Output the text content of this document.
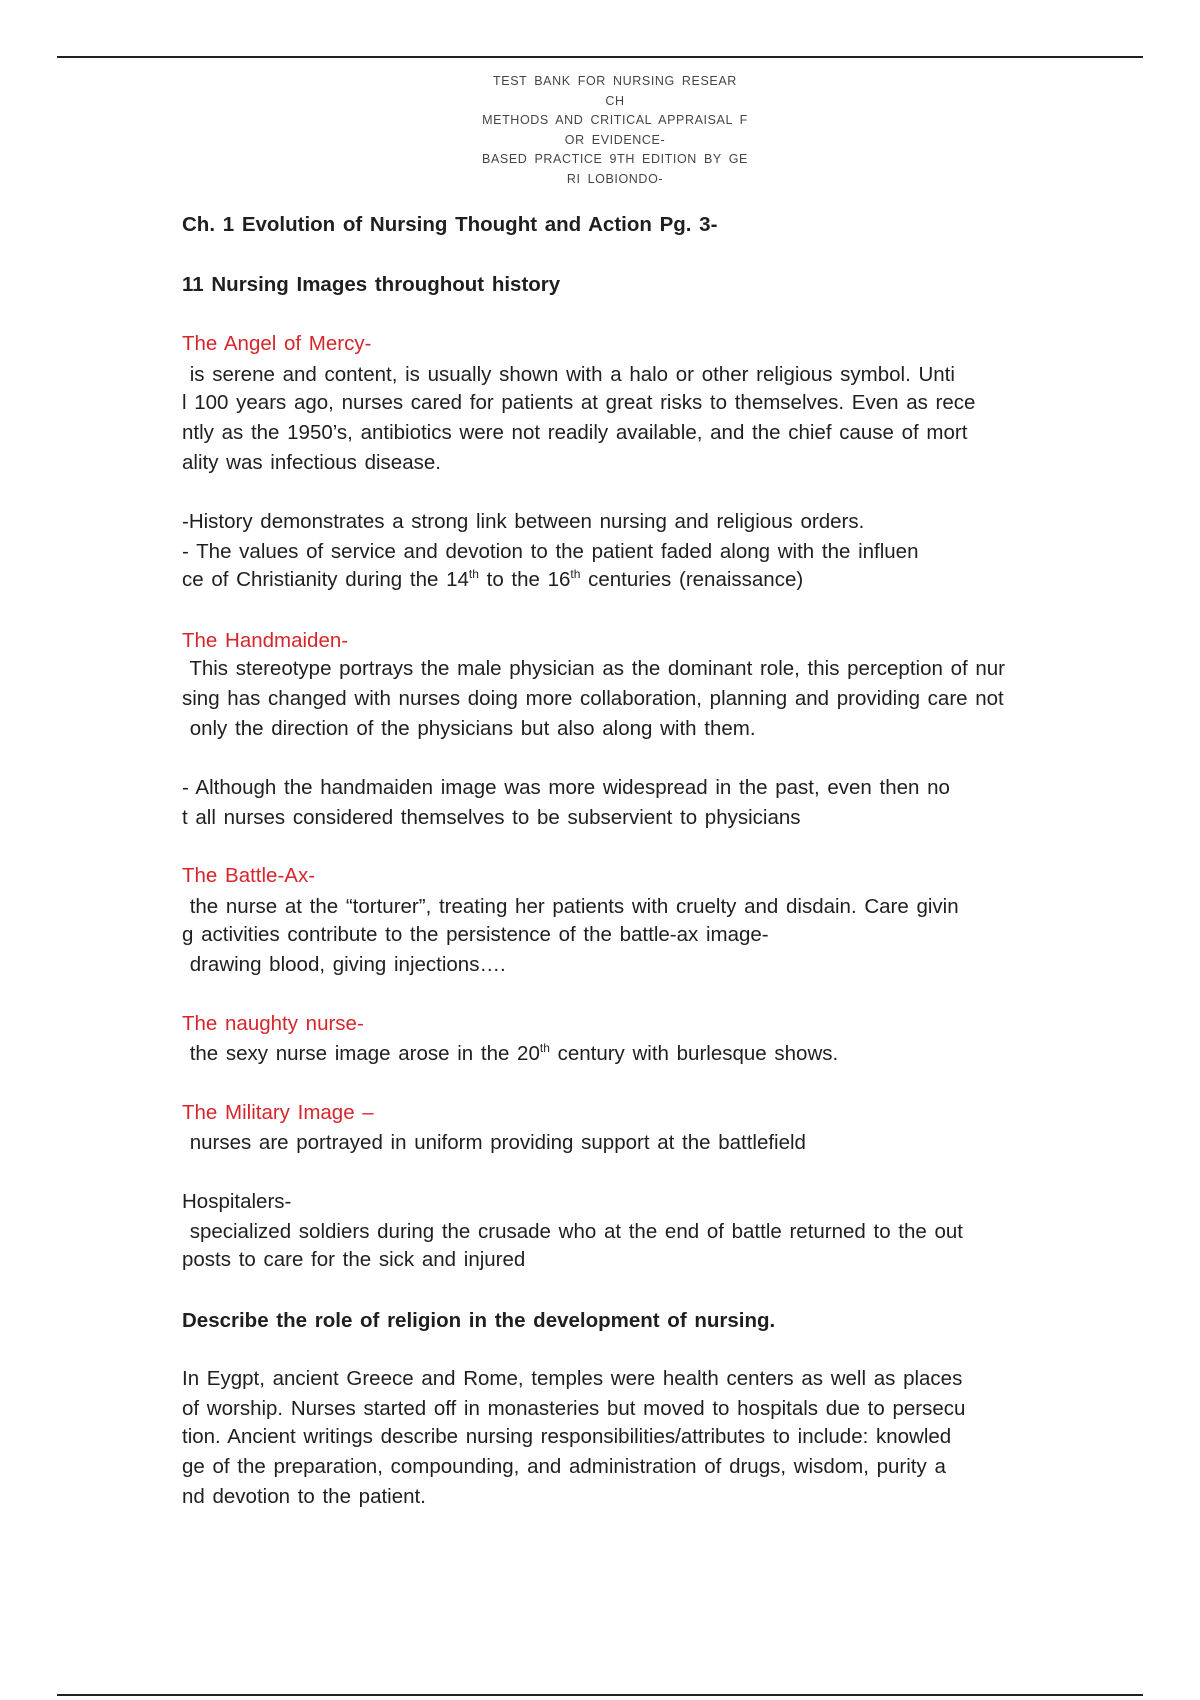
TEST BANK FOR NURSING RESEAR
CH
METHODS AND CRITICAL APPRAISAL F
OR EVIDENCE-
BASED PRACTICE 9TH EDITION BY GE
RI LOBIONDO-
Ch. 1 Evolution of Nursing Thought and Action Pg. 3-
11 Nursing Images throughout history
The Angel of Mercy-
is serene and content, is usually shown with a halo or other religious symbol. Unti
l 100 years ago, nurses cared for patients at great risks to themselves. Even as rece
ntly as the 1950’s, antibiotics were not readily available, and the chief cause of mort
ality was infectious disease.
-History demonstrates a strong link between nursing and religious orders.
- The values of service and devotion to the patient faded along with the influen
ce of Christianity during the 14th to the 16th centuries (renaissance)
The Handmaiden-
This stereotype portrays the male physician as the dominant role, this perception of nur
sing has changed with nurses doing more collaboration, planning and providing care not
only the direction of the physicians but also along with them.
- Although the handmaiden image was more widespread in the past, even then no
t all nurses considered themselves to be subservient to physicians
The Battle-Ax-
the nurse at the “torturer”, treating her patients with cruelty and disdain. Care givin
g activities contribute to the persistence of the battle-ax image-
drawing blood, giving injections….
The naughty nurse-
the sexy nurse image arose in the 20th century with burlesque shows.
The Military Image –
nurses are portrayed in uniform providing support at the battlefield
Hospitalers-
specialized soldiers during the crusade who at the end of battle returned to the out
posts to care for the sick and injured
Describe the role of religion in the development of nursing.
In Eygpt, ancient Greece and Rome, temples were health centers as well as places
of worship. Nurses started off in monasteries but moved to hospitals due to persecu
tion. Ancient writings describe nursing responsibilities/attributes to include: knowled
ge of the preparation, compounding, and administration of drugs, wisdom, purity a
nd devotion to the patient.
